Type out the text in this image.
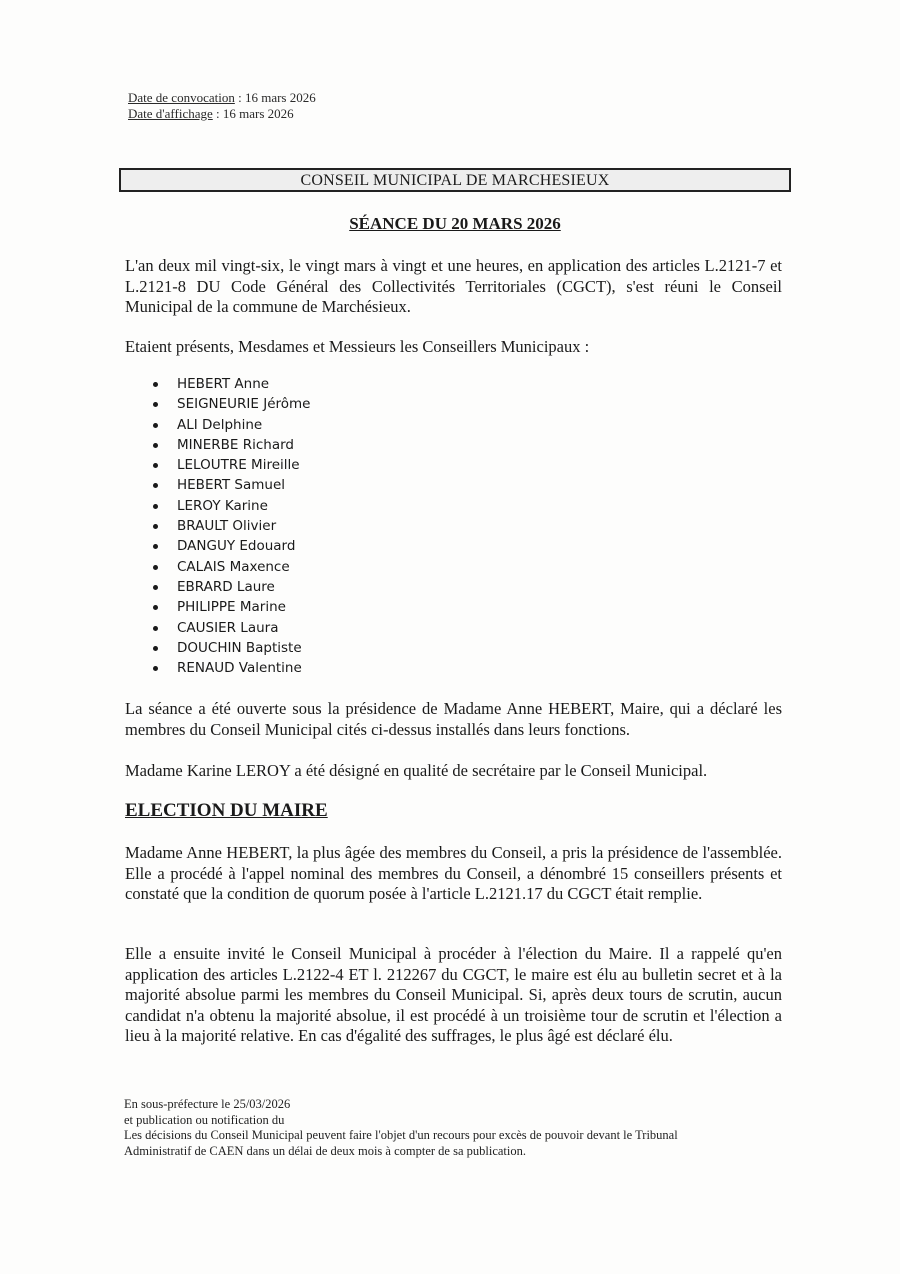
Date de convocation : 16 mars 2026
Date d'affichage : 16 mars 2026
CONSEIL MUNICIPAL DE MARCHESIEUX
SÉANCE DU 20 MARS 2026

L'an deux mil vingt-six, le vingt mars à vingt et une heures, en application des articles L.2121-7 et L.2121-8 DU Code Général des Collectivités Territoriales (CGCT), s'est réuni le Conseil Municipal de la commune de Marchésieux.

Etaient présents, Mesdames et Messieurs les Conseillers Municipaux :

HEBERT Anne
SEIGNEURIE Jérôme
ALI Delphine
MINERBE Richard
LELOUTRE Mireille
HEBERT Samuel
LEROY Karine
BRAULT Olivier
DANGUY Edouard
CALAIS Maxence
EBRARD Laure
PHILIPPE Marine
CAUSIER Laura
DOUCHIN Baptiste
RENAUD Valentine

La séance a été ouverte sous la présidence de Madame Anne HEBERT, Maire, qui a déclaré les membres du Conseil Municipal cités ci-dessus installés dans leurs fonctions.

Madame Karine LEROY a été désigné en qualité de secrétaire par le Conseil Municipal.

ELECTION DU MAIRE

Madame Anne HEBERT, la plus âgée des membres du Conseil, a pris la présidence de l'assemblée. Elle a procédé à l'appel nominal des membres du Conseil, a dénombré 15 conseillers présents et constaté que la condition de quorum posée à l'article L.2121.17 du CGCT était remplie.

Elle a ensuite invité le Conseil Municipal à procéder à l'élection du Maire. Il a rappelé qu'en application des articles L.2122-4 ET l. 212267 du CGCT, le maire est élu au bulletin secret et à la majorité absolue parmi les membres du Conseil Municipal. Si, après deux tours de scrutin, aucun candidat n'a obtenu la majorité absolue, il est procédé à un troisième tour de scrutin et l'élection a lieu à la majorité relative. En cas d'égalité des suffrages, le plus âgé est déclaré élu.

En sous-préfecture le 25/03/2026
et publication ou notification du
Les décisions du Conseil Municipal peuvent faire l'objet d'un recours pour excès de pouvoir devant le Tribunal
Administratif de CAEN dans un délai de deux mois à compter de sa publication.
